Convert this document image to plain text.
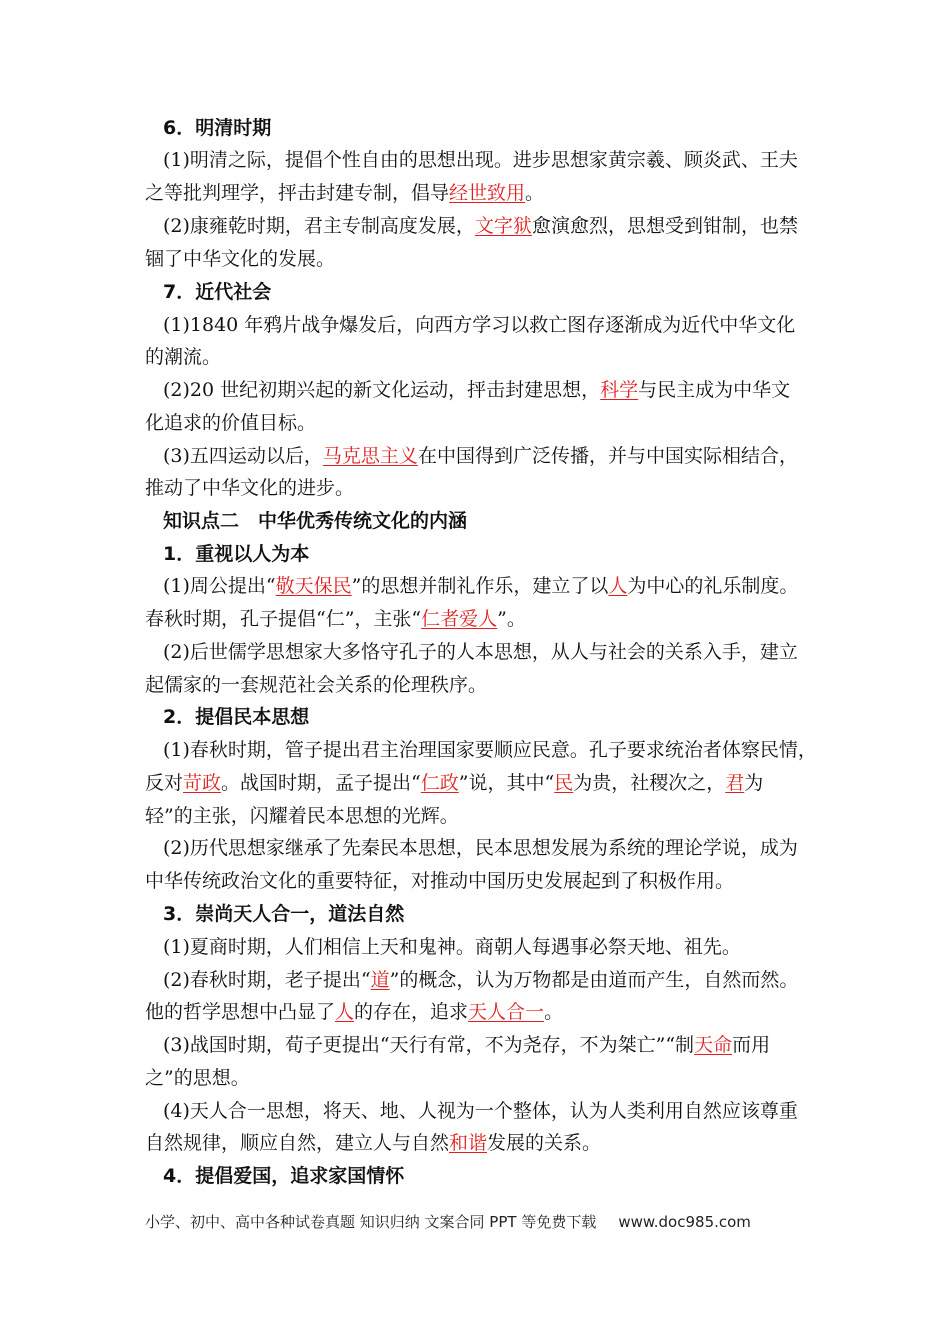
6．明清时期
(1)明清之际，提倡个性自由的思想出现。进步思想家黄宗羲、顾炎武、王夫
之等批判理学，抨击封建专制，倡导经世致用。
(2)康雍乾时期，君主专制高度发展，文字狱愈演愈烈，思想受到钳制，也禁
锢了中华文化的发展。
7．近代社会
(1)1840 年鸦片战争爆发后，向西方学习以救亡图存逐渐成为近代中华文化
的潮流。
(2)20 世纪初期兴起的新文化运动，抨击封建思想，科学与民主成为中华文
化追求的价值目标。
(3)五四运动以后，马克思主义在中国得到广泛传播，并与中国实际相结合，
推动了中华文化的进步。
知识点二　中华优秀传统文化的内涵
1．重视以人为本
(1)周公提出“敬天保民”的思想并制礼作乐，建立了以人为中心的礼乐制度。
春秋时期，孔子提倡“仁”，主张“仁者爱人”。
(2)后世儒学思想家大多恪守孔子的人本思想，从人与社会的关系入手，建立
起儒家的一套规范社会关系的伦理秩序。
2．提倡民本思想
(1)春秋时期，管子提出君主治理国家要顺应民意。孔子要求统治者体察民情，
反对苛政。战国时期，孟子提出“仁政”说，其中“民为贵，社稷次之，君为
轻”的主张，闪耀着民本思想的光辉。
(2)历代思想家继承了先秦民本思想，民本思想发展为系统的理论学说，成为
中华传统政治文化的重要特征，对推动中国历史发展起到了积极作用。
3．崇尚天人合一，道法自然
(1)夏商时期，人们相信上天和鬼神。商朝人每遇事必祭天地、祖先。
(2)春秋时期，老子提出“道”的概念，认为万物都是由道而产生，自然而然。
他的哲学思想中凸显了人的存在，追求天人合一。
(3)战国时期，荀子更提出“天行有常，不为尧存，不为桀亡”“制天命而用
之”的思想。
(4)天人合一思想，将天、地、人视为一个整体，认为人类利用自然应该尊重
自然规律，顺应自然，建立人与自然和谐发展的关系。
4．提倡爱国，追求家国情怀
小学、初中、高中各种试卷真题 知识归纳 文案合同 PPT 等免费下载 www.doc985.com
